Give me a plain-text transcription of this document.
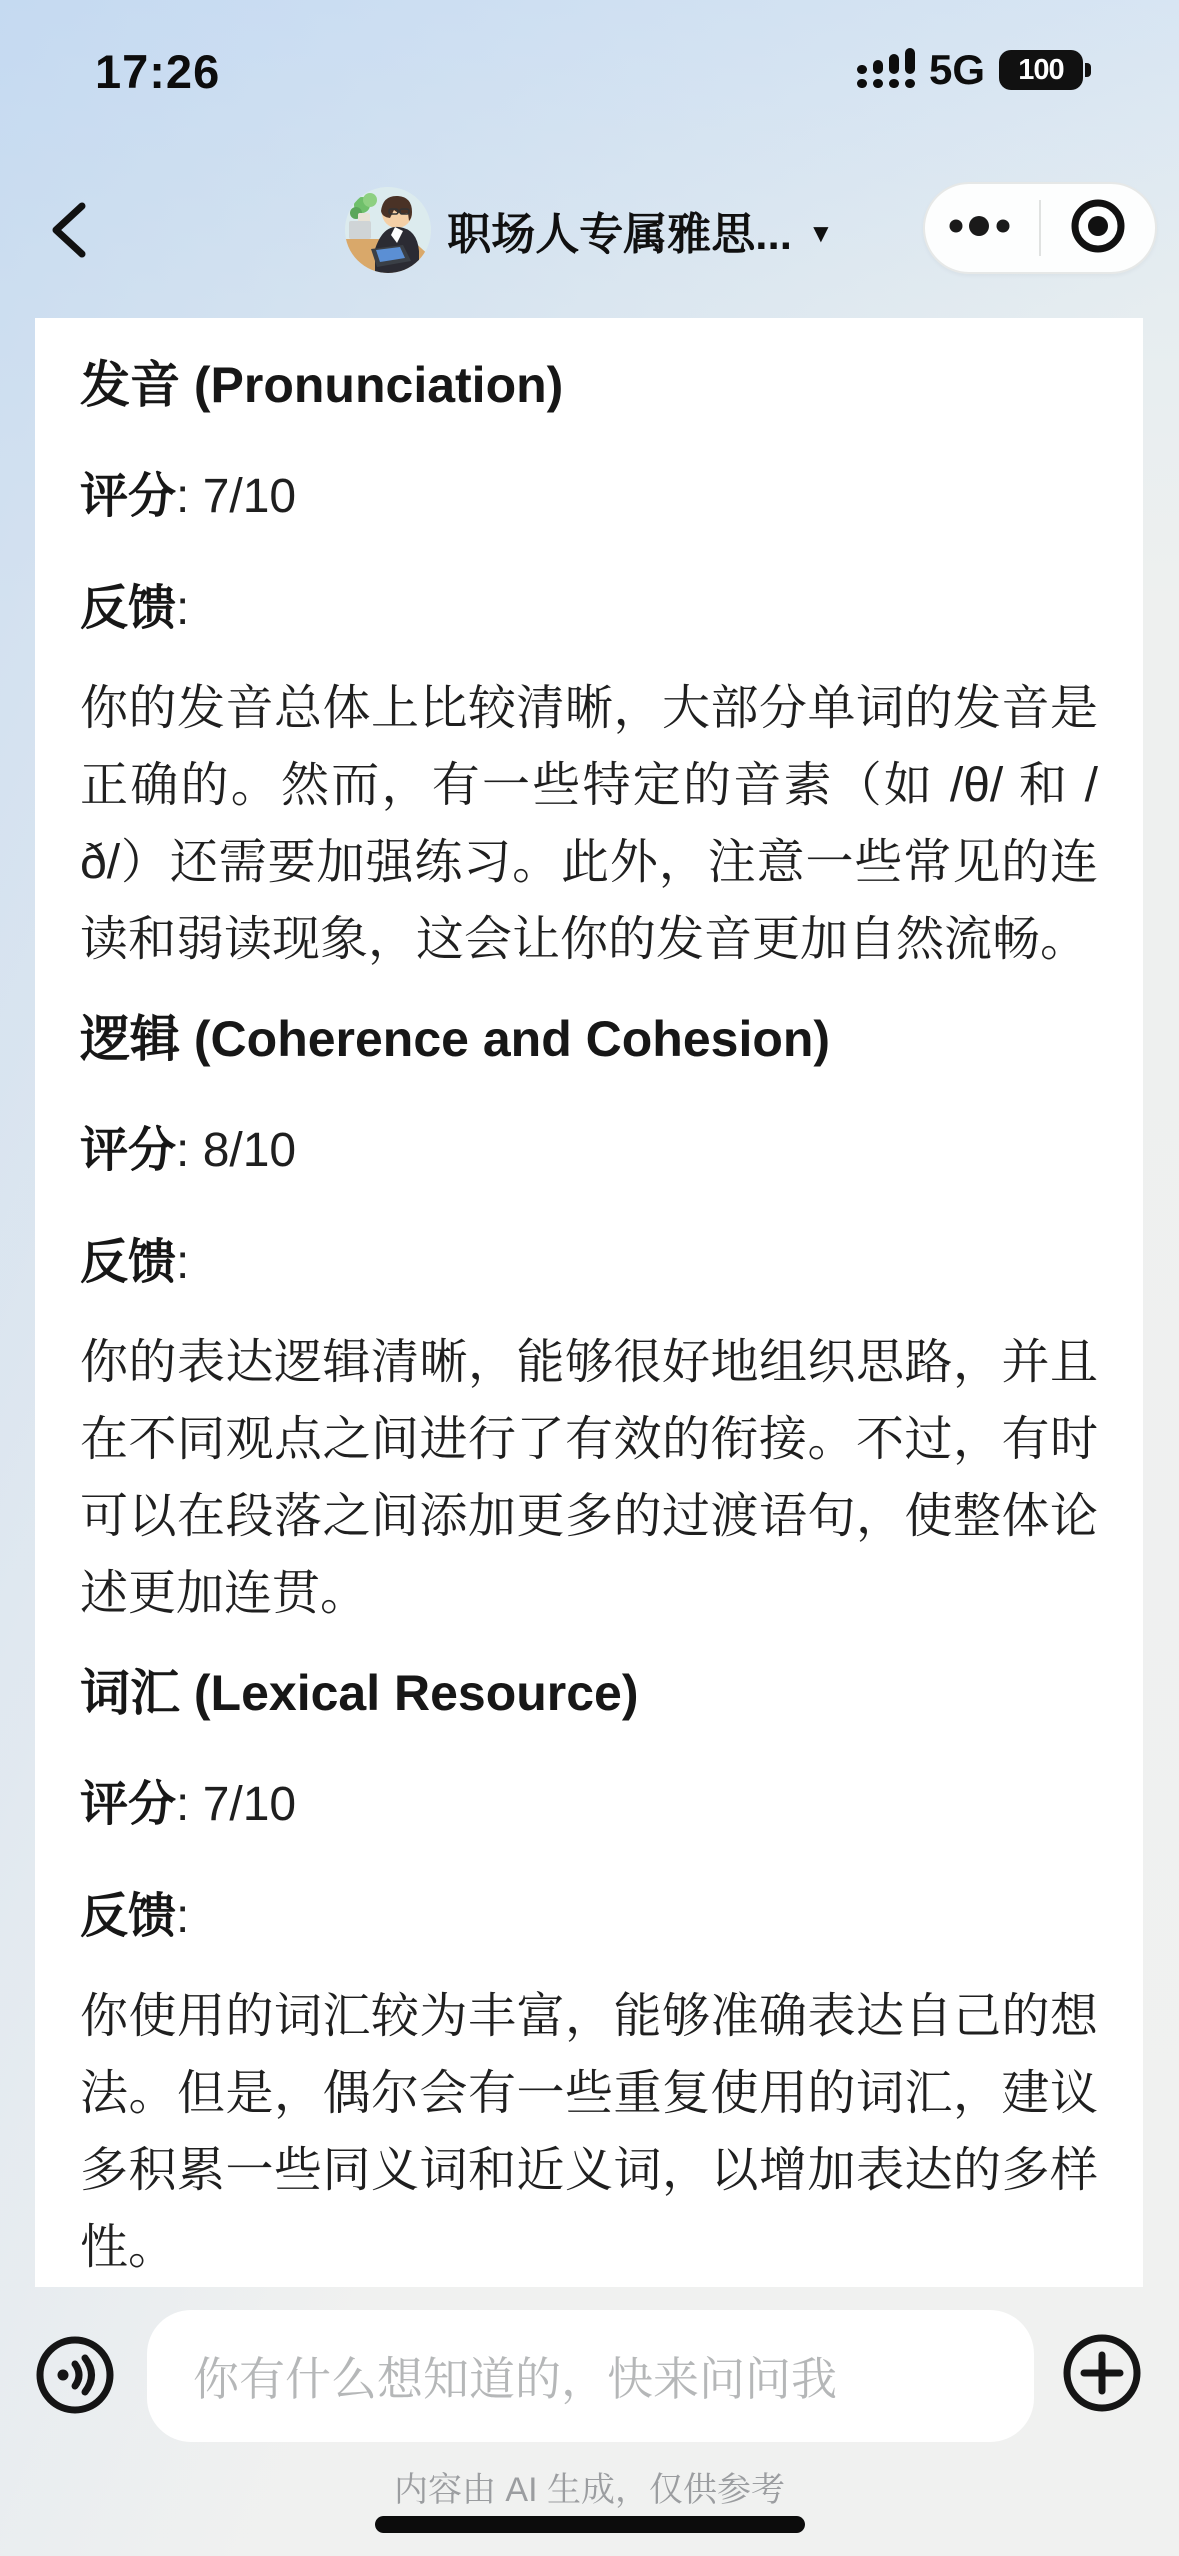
17:26	5G 100
职场人专属雅思... ▼
发音 (Pronunciation)

评分: 7/10

反馈:

你的发音总体上比较清晰，大部分单词的发音是正确的。然而，有一些特定的音素（如 /θ/ 和 /ð/）还需要加强练习。此外，注意一些常见的连读和弱读现象，这会让你的发音更加自然流畅。

逻辑 (Coherence and Cohesion)

评分: 8/10

反馈:

你的表达逻辑清晰，能够很好地组织思路，并且在不同观点之间进行了有效的衔接。不过，有时可以在段落之间添加更多的过渡语句，使整体论述更加连贯。

词汇 (Lexical Resource)

评分: 7/10

反馈:

你使用的词汇较为丰富，能够准确表达自己的想法。但是，偶尔会有一些重复使用的词汇，建议多积累一些同义词和近义词，以增加表达的多样性。

你有什么想知道的，快来问问我
内容由 AI 生成，仅供参考
